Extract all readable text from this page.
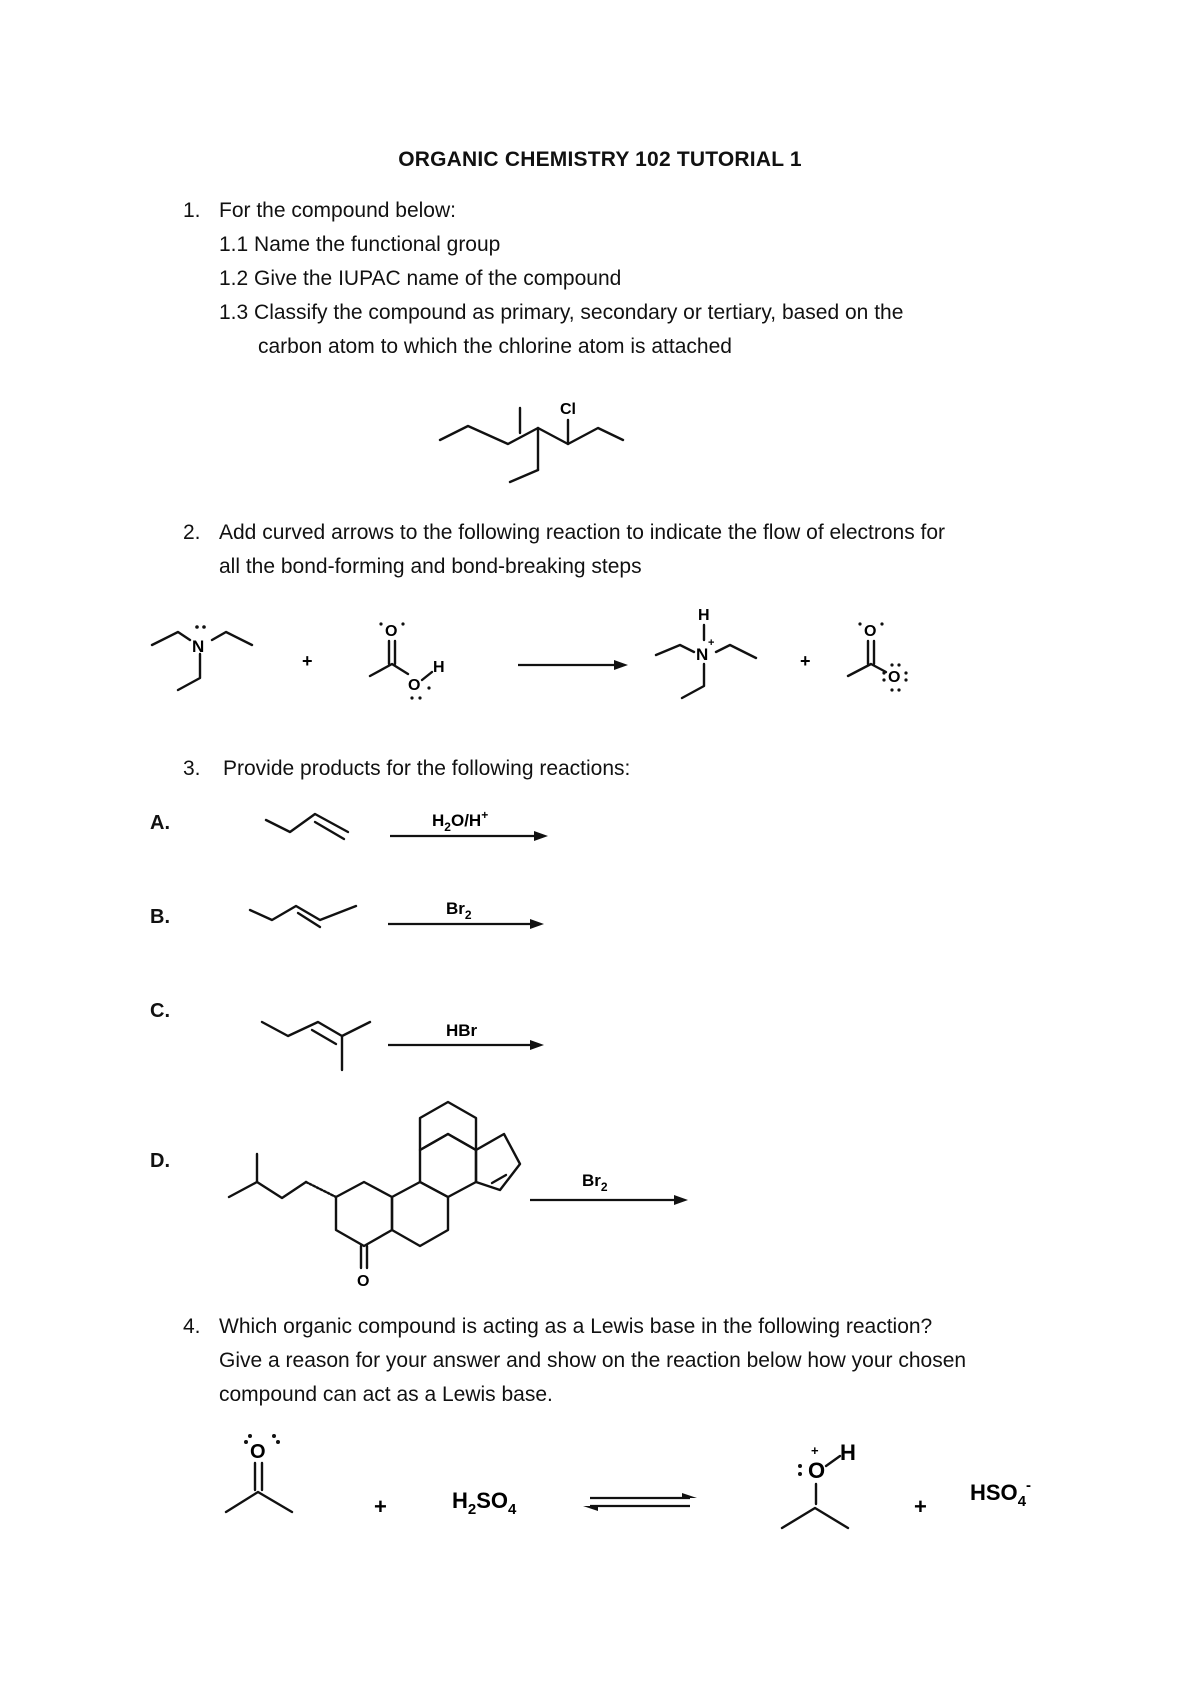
ORGANIC CHEMISTRY 102 TUTORIAL 1
1. For the compound below:
1.1 Name the functional group
1.2 Give the IUPAC name of the compound
1.3 Classify the compound as primary, secondary or tertiary, based on the
carbon atom to which the chlorine atom is attached
2. Add curved arrows to the following reaction to indicate the flow of electrons for
all the bond-forming and bond-breaking steps
3. Provide products for the following reactions:
A.
B.
C.
D.
4. Which organic compound is acting as a Lewis base in the following reaction?
Give a reason for your answer and show on the reaction below how your chosen
compound can act as a Lewis base.
Cl
N
+
O
O
H
H
+
N	+
O
O
$H_2O/H^+$
$Br_2$
HBr
O
$Br_2$
O
+	$H_2SO_4$
O
+ H
+
$HSO_4^-$
